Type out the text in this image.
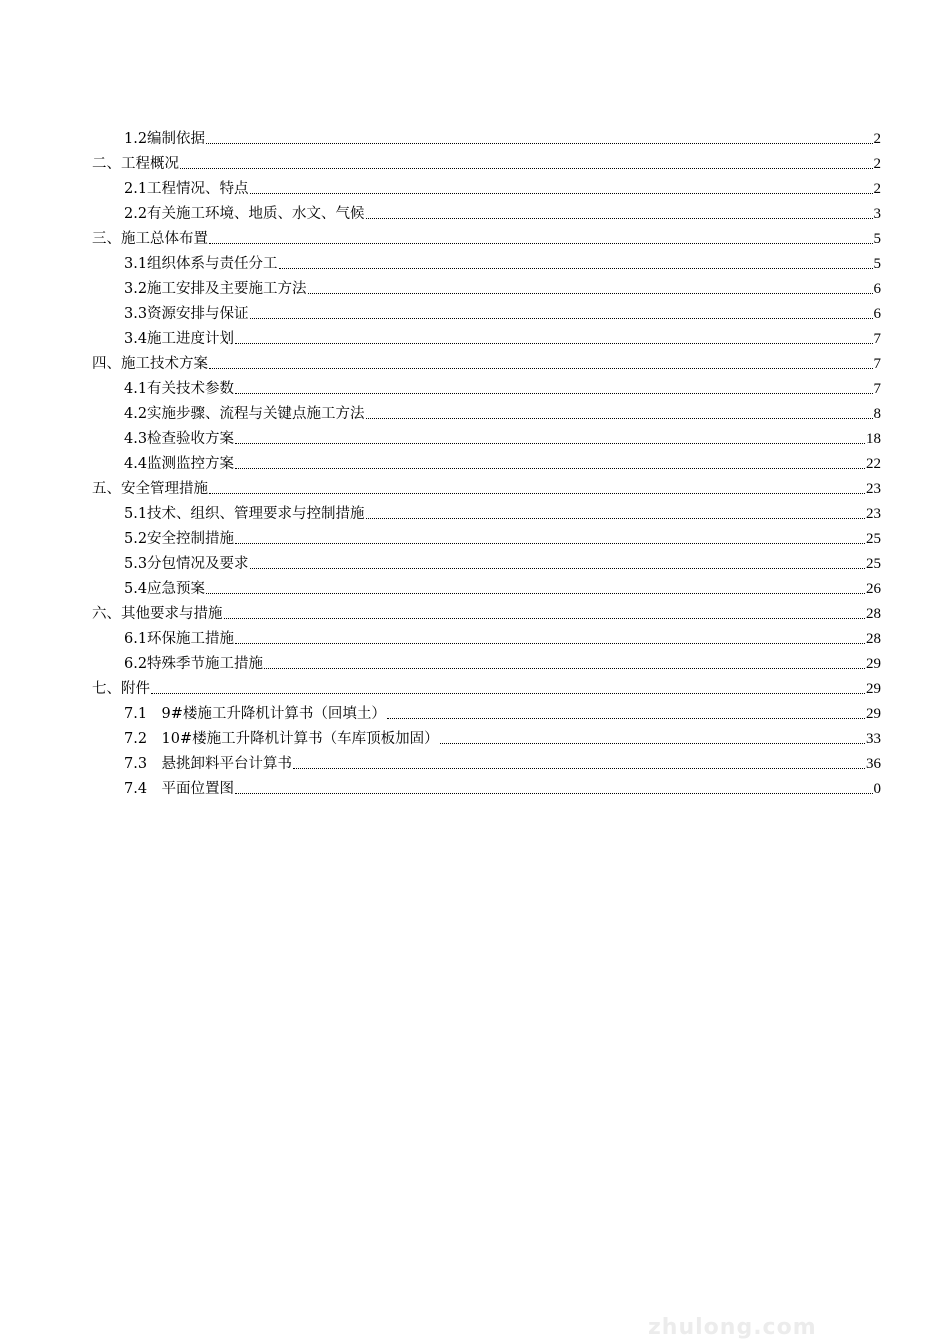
1.2编制依据	2
二、工程概况	2
2.1工程情况、特点	2
2.2有关施工环境、地质、水文、气候	3
三、施工总体布置	5
3.1组织体系与责任分工	5
3.2施工安排及主要施工方法	6
3.3资源安排与保证	6
3.4施工进度计划	7
四、施工技术方案	7
4.1有关技术参数	7
4.2实施步骤、流程与关键点施工方法	8
4.3检查验收方案	18
4.4监测监控方案	22
五、安全管理措施	23
5.1技术、组织、管理要求与控制措施	23
5.2安全控制措施	25
5.3分包情况及要求	25
5.4应急预案	26
六、其他要求与措施	28
6.1环保施工措施	28
6.2特殊季节施工措施	29
七、附件	29
7.1　9#楼施工升降机计算书（回填土）	29
7.2　10#楼施工升降机计算书（车库顶板加固）	33
7.3　悬挑卸料平台计算书	36
7.4　平面位置图	0
zhulong.com
